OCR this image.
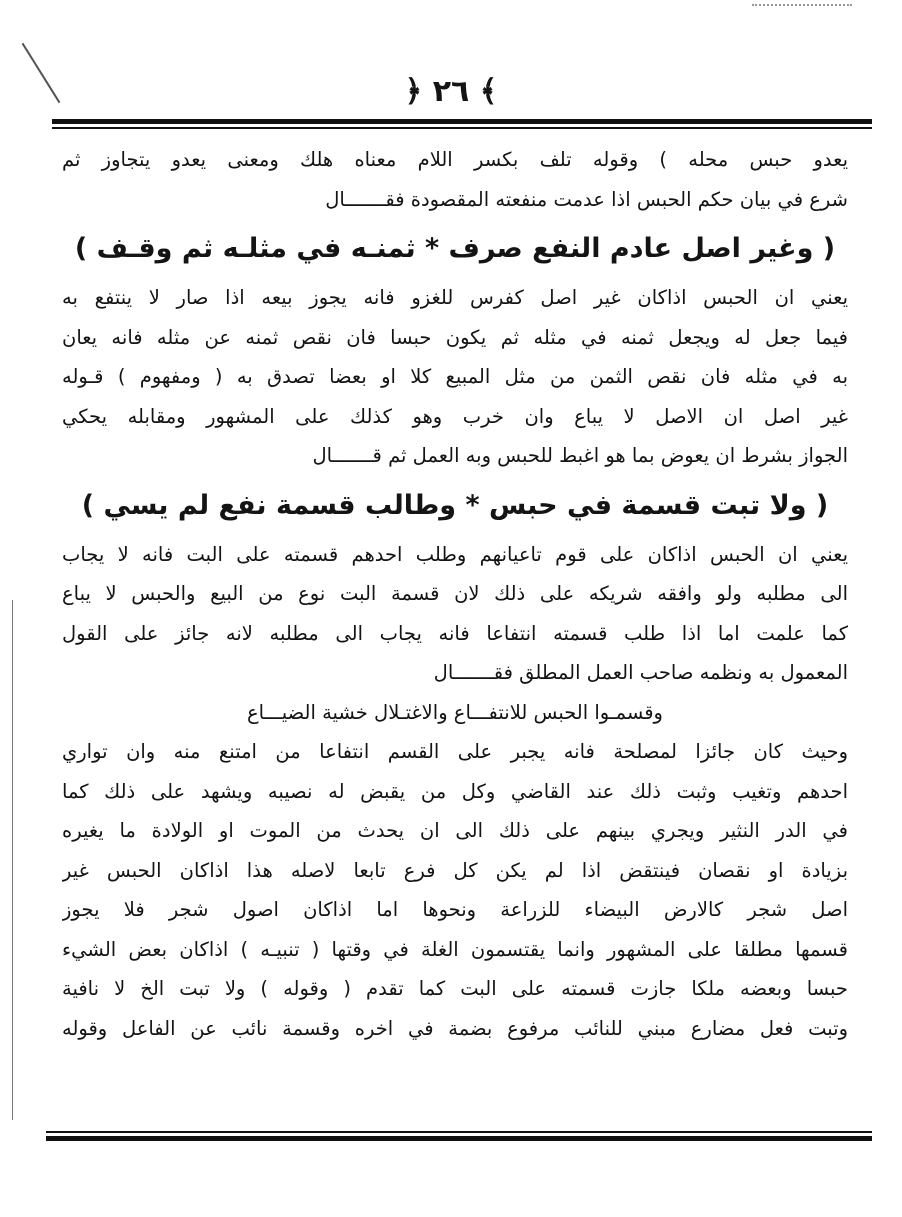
﴿ ٢٦ ﴾
يعدو حبس محله ) وقوله تلف بكسر اللام معناه هلك ومعنى يعدو يتجاوز ثم
شرع في بيان حكم الحبس اذا عدمت منفعته المقصودة فقـــــــال
( وغير اصل عادم النفع صرف * ثمنـه في مثلـه ثم وقـف )
يعني ان الحبس اذاكان غير اصل كفرس للغزو فانه يجوز بيعه اذا صار لا ينتفع به
فيما جعل له ويجعل ثمنه في مثله ثم يكون حبسا فان نقص ثمنه عن مثله فانه يعان
به في مثله فان نقص الثمن من مثل المبيع كلا او بعضا تصدق به ( ومفهوم ) قـوله
غير اصل ان الاصل لا يباع وان خرب وهو كذلك على المشهور ومقابله يحكي
الجواز بشرط ان يعوض بما هو اغبط للحبس وبه العمل ثم قـــــــال
( ولا تبت قسمة في حبس * وطالب قسمة نفع لم يسي )
يعني ان الحبس اذاكان على قوم تاعيانهم وطلب احدهم قسمته على البت فانه لا يجاب
الى مطلبه ولو وافقه شريكه على ذلك لان قسمة البت نوع من البيع والحبس لا يباع
كما علمت اما اذا طلب قسمته انتفاعا فانه يجاب الى مطلبه لانه جائز على القول
المعمول به ونظمه صاحب العمل المطلق فقـــــــال
وقسمـوا الحبس للانتفـــاع والاغتـلال خشية الضيـــاع
وحيث كان جائزا لمصلحة فانه يجبر على القسم انتفاعا من امتنع منه وان تواري
احدهم وتغيب وثبت ذلك عند القاضي وكل من يقبض له نصيبه ويشهد على ذلك كما
في الدر النثير ويجري بينهم على ذلك الى ان يحدث من الموت او الولادة ما يغيره
بزيادة او نقصان فينتقض اذا لم يكن كل فرع تابعا لاصله هذا اذاكان الحبس غير
اصل شجر كالارض البيضاء للزراعة ونحوها اما اذاكان اصول شجر فلا يجوز
قسمها مطلقا على المشهور وانما يقتسمون الغلة في وقتها ( تنبيـه ) اذاكان بعض الشيء
حبسا وبعضه ملكا جازت قسمته على البت كما تقدم ( وقوله ) ولا تبت الخ لا نافية
وتبت فعل مضارع مبني للنائب مرفوع بضمة في اخره وقسمة نائب عن الفاعل وقوله
